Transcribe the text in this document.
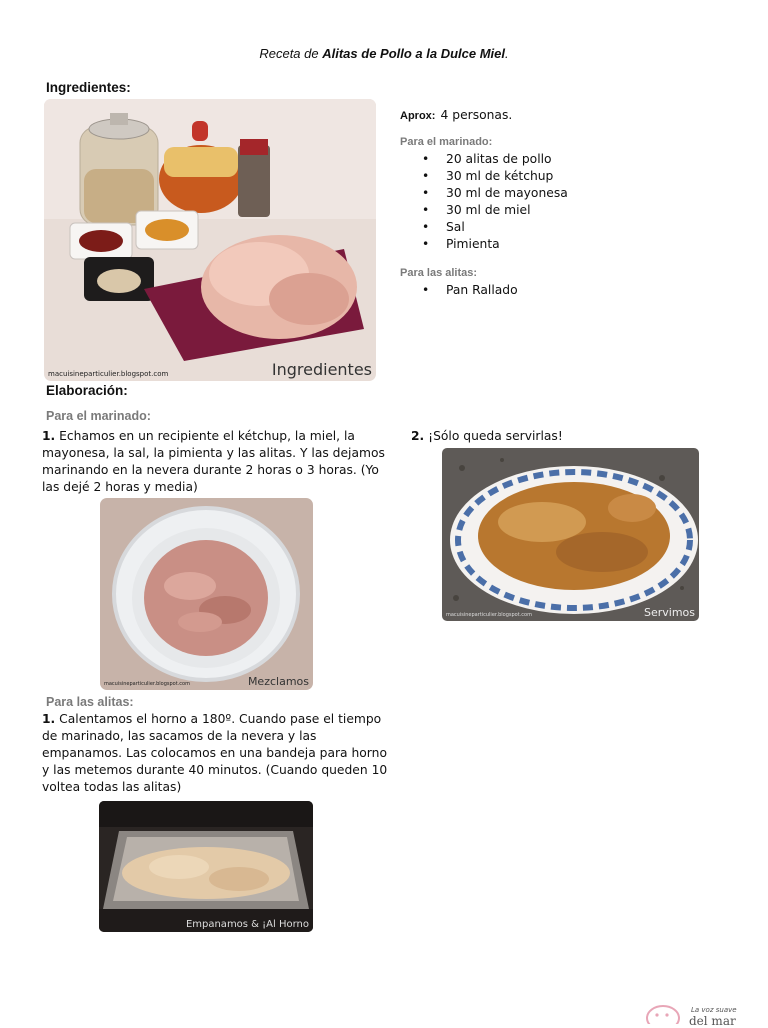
Receta de Alitas de Pollo a la Dulce Miel.
Ingredientes:
macuisineparticulier.blogspot.com	Ingredientes
Aprox: 4 personas.
Para el marinado:
• 20 alitas de pollo
• 30 ml de kétchup
• 30 ml de mayonesa
• 30 ml de miel
• Sal
• Pimienta
Para las alitas:
• Pan Rallado
Elaboración:
Para el marinado:
1. Echamos en un recipiente el kétchup, la miel, la mayonesa, la sal, la pimienta y las alitas. Y las dejamos marinando en la nevera durante 2 horas o 3 horas. (Yo las dejé 2 horas y media)
macuisineparticulier.blogspot.com	Mezclamos
Para las alitas:
1. Calentamos el horno a 180º. Cuando pase el tiempo de marinado, las sacamos de la nevera y las empanamos. Las colocamos en una bandeja para horno y las metemos durante 40 minutos. (Cuando queden 10 voltea todas las alitas)
Empanamos & ¡Al Horno
2. ¡Sólo queda servirlas!
macuisineparticulier.blogspot.com	Servimos
La voz suave
del mar
